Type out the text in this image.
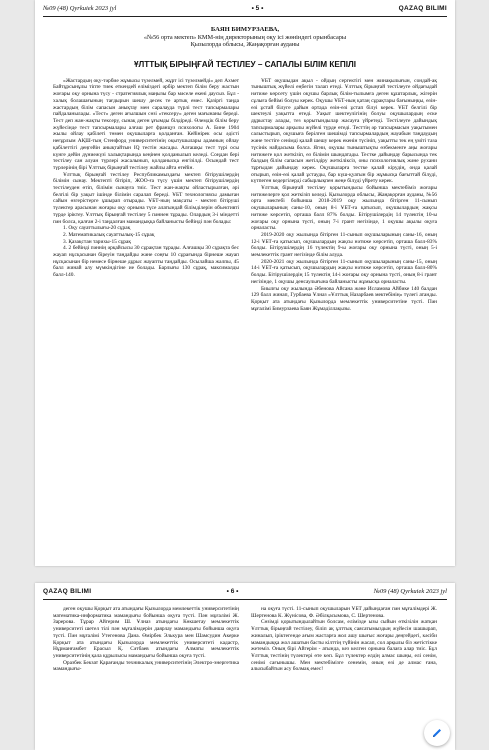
№09 (48) Qyrkuiek 2023 jyl	• 5 •	QAZAQ BILIMI
БАЯН БИМУРЗАЕВА,
«№56 орта мектеп» КММ-нің директорының оқу ісі жөніндегі орынбасары
Қызылорда облысы, Жаңақорған ауданы
ҰЛТТЫҚ БІРЫҢҒАЙ ТЕСТІЛЕУ – САПАЛЫ БІЛІМ КЕПІЛІ

«Жастардың оқу-тәрбие жұмысы түзелмей, жұрт ісі түзелмейді» деп Ахмет Байтұрсынұлы тіпте тиек еткендей елімiздегі әрбір мектеп білім беру жастын жоғары оқу орнына түсу - стратегиялық маңызы бар мәселе екені даусыз. Бұл - халық болашағының тағдырын шешу десек те артық емес. Қазіргі таңда жастардың білім сапасын анықтау мен саралауда түрлі тест тапсырмалары пайдаланылады. «Тест» деген ағылшын сөзі «тексеру» деген мағынаны береді. Тест деп жан-жақты тексеру, сынақ деген ұғымды білдіреді. Өлемдік білім беру жүйесінде тест тапсырмалары алғаш рет француз психологы А. Бине 1904 жылы ойлау қабілеті төмен оқушыларға қолданған. Кейінірек осы әдісті неғұрлым АҚШ-тың Стенфорд университетінің оқытушылары адамның ойлау қабілеттігі деңгейін анықтайтын IQ тестін жасады. Алғашқы тест түрі осы күнге дейін дүниежүзі халықтарында кеңінен қолданылып келеді. Соңдан бері тестілеу сан алуан түрлері жасалынып, қолданысқа енгізілді. Осындай тест түрлерінің бірі Ұлттық бірыңғай тестілеу жайлы айта өтейін.

Ұлттық бірыңғай тестілеу Республикамыздағы мектеп бітірушілердің білімін сынау. Мектепті бітіріп, ЖОО-ға түсу үшін мектеп бітірушілердің тестілеуден өтіп, білімін сынауға тиіс. Тест жан-жақты ойластырылған, әрі белгілі бір уақыт ішінде білімін саралап береді. ҰБТ технологиясы дамыған сайын өзгерістерге ұшырап отырады. ҰБТ-ның мақсаты - мектеп бітіруші түлектер арасынан жоғары оқу орнына түсе алатындай білімділерін объективті түрде іріктеу. Ұлттық бірыңғай тестілеу 5 пәннен тұрады. Олардың 3-і міндетті пән болса, қалған 2-і таңдалған мамандыққа байланысты бейінді пән болады:

1. Оқу сауаттылығы-20 сұрақ
2. Математикалық сауаттылық-15 сұрақ
3. Қазақстан тарихы-15 сұрақ

4. 2 бейінді пәннің әрқайсысы 30 сұрақтан тұрады. Алғашқы 30 сұрақта бес жауап нұсқасынан біреуін таңдайды және соңғы 10 сұрағында бірнеше жауап нұсқасынан бір немесе бірнеше дұрыс жауапты таңдайды. Осылайша жалпы, 45 балл жинай алу мүмкіндігіне ие болады. Барлығы 130 сұрақ, максималды балл-140.

ҰБТ оқушыдан ақыл - ойдың сергектігі мен жинақылығын, сондай-ақ тыныштық жүйелі еңбегін талап етеді. Ұлттық бірыңғай тестілеуге ойдағыдай нәтиже көрсету үшін оқушы барлық білім-тылымға деген құштарлық, жігерін сұлыға бейімі болуы керек. Оқушы ҰБТ-ның қатаң сұрақтары бағыныңқы, өзін-өзі ұстай білуге дайын ортада өзін-өзі ұстап білуі керек. ҰБТ белгілі бір шектеулі уақытта өтеді. Уақыт шектеулігінің болуы оқушылардың еске дұрыстау алады, тез қорытындылар жасауға үйретеді. Тестілеуге дайындық тапсырмалары арқылы жүйелі түрде өтеді. Тесттің әр тапсырмасын уақытымен салыстырып, оқушыға берілген шешімді тапсырмалардың жауабын таңдаудың және тестіге сенімді қалай шешу керек екенін түсініп, уақытты тек ең үміті таза түсінік найдасыма болса. Ягни, оқушы тыныштықты өзбекменге аңы жоғары нәтижеге қол жеткізіп, өз білімін шындатады. Тестке дайындау барысында тек балдың білім сапасын жетілдіру жеткіліксіз, оны психологиялық және рухани тұрғыдан дайындау керек. Оқушыларға тестке қалай кірудің, онда қалай отырып, өзін-өзі қалай ұстауды, бар күш-қуатын бір жұмысқа бағыттай білуді, күтпеген кедергілерді сабырлықпен жеңе білуді үйрету керек.

Ұлттық бірыңғай тестілеу қорытындысы бойынша мектебіміз жоғары нәтижелерге қол жеткізіп келеді. Қызылорда облысы, Жаңақорған ауданы, №56 орта мектебі бойынша 2018-2019 оқу жылында бітірген 11-сынып оқушыларының саны-10, оның 8-і ҰБТ-ға қатысып, оқушылардың жақсы нәтиже көрсетіп, орташа балл 87% болды. Бітірушілердің 14 түлектің 10-ы жоғары оқу орнына түсті, оның 7-і грант негізінде, 1 оқушы ақылы оқуға орналасты.

2019-2020 оқу жылында бітірген 11-сынып оқушыларының саны-16, оның 12-і ҰБТ-ға қатысып, оқушылардың жақсы нәтиже көрсетіп, орташа балл-83% болды. Бітірушілердің 16 түлектің 9-ы жоғары оқу орнына түсті, оның 5-і мемлекеттік грант негізінде білім алуда.

2020-2021 оқу жылында бітірген 11-сынып оқушыларының саны-15, оның 14-і ҰБТ-ға қатысып, оқушылардың жақсы нәтиже көрсетіп, орташа балл-80% болды. Бітірушілердің 15 түлектің 14-і жоғары оқу орнына түсті, оның 8-і грант негізінде, 1 оқушы денсаулығына байланысты жұмысқа орналасты.

Биылғы оқу жылында Әбенова Айсана және Исламова Айбике 140 балдан 129 балл жинап, Гурбаева Ұлназ «Ұлттық Назарбаев мектебінің» түлегі атанды. Қорқыт ата атындағы Қызылорда мемлекеттік университетіне түсті. Пән мұғалімі Бимурзаева Баян Жұмаділлақызы.

QAZAQ BILIMI	• 6 •	№09 (48) Qyrkuiek 2023 jyl

деген оқушы Қорқыт ата атындағы Қызылорда мемлекеттік университетінің математика-информатика мамандығы бойынша оқуға түсті. Пән мұғалімі Ж. Зарерова. Тұрар Айгерим Ш. Ұлназ атындағы Көкшетау мемлекеттік университеті шетел тілі пән мұғалімдерін даярлау мамандығы бойынша оқуға түсті. Пән мұғалімі Утегенова Дана. Өмірбек Элькура мен Шамсудин Акерке Қорқыт ата атындағы Қызылорда мемлекеттік университеті кадастр, Нұрманғамбет Ерасыл Қ. Сәтбаев атындағы Алматы мемлекеттік университетінің қала құрылысы мамандығы бойынша оқуға түсті.

Оразбек Бекзат Қарағанды техникалық университетінің Электро-энергетика мамандығы-

на оқуға түсті. 11-сынып оқушыларын ҰБТ дайындаған пән мұғалімдері Ж. Шертенова К. Жүнісова, Ф. Әбілқасымова, С. Шертенова.

Сөзімді қорытындылайтын болсам, елімізде ызы сыйын өткізілін жатқан Ұлттық бірыңғай тестілеу, біліп ақ ұлттық саясатымыздың жүйесін шашырап, жиналып, іріктегенде ағым жастарға жол ашу шығыс жоғары деңгейдегі, кәсіби мамандыққа жол ашатын басты кілттің түйінін жасап, сол арқылы біз жетістікке жетеміз. Оның бірі Айгерім - атында, кез келген орнына балаға алар тиіс. Бұл Ұлттық тестінің түлектері өте көп. Бұл түлектер елдің алмас шыңы, елі сенім, сенімі сағынышы. Мен мектебімізге сенемін, оның өзі де алмас ғана, алысыбайтын асу болмақ емес!
